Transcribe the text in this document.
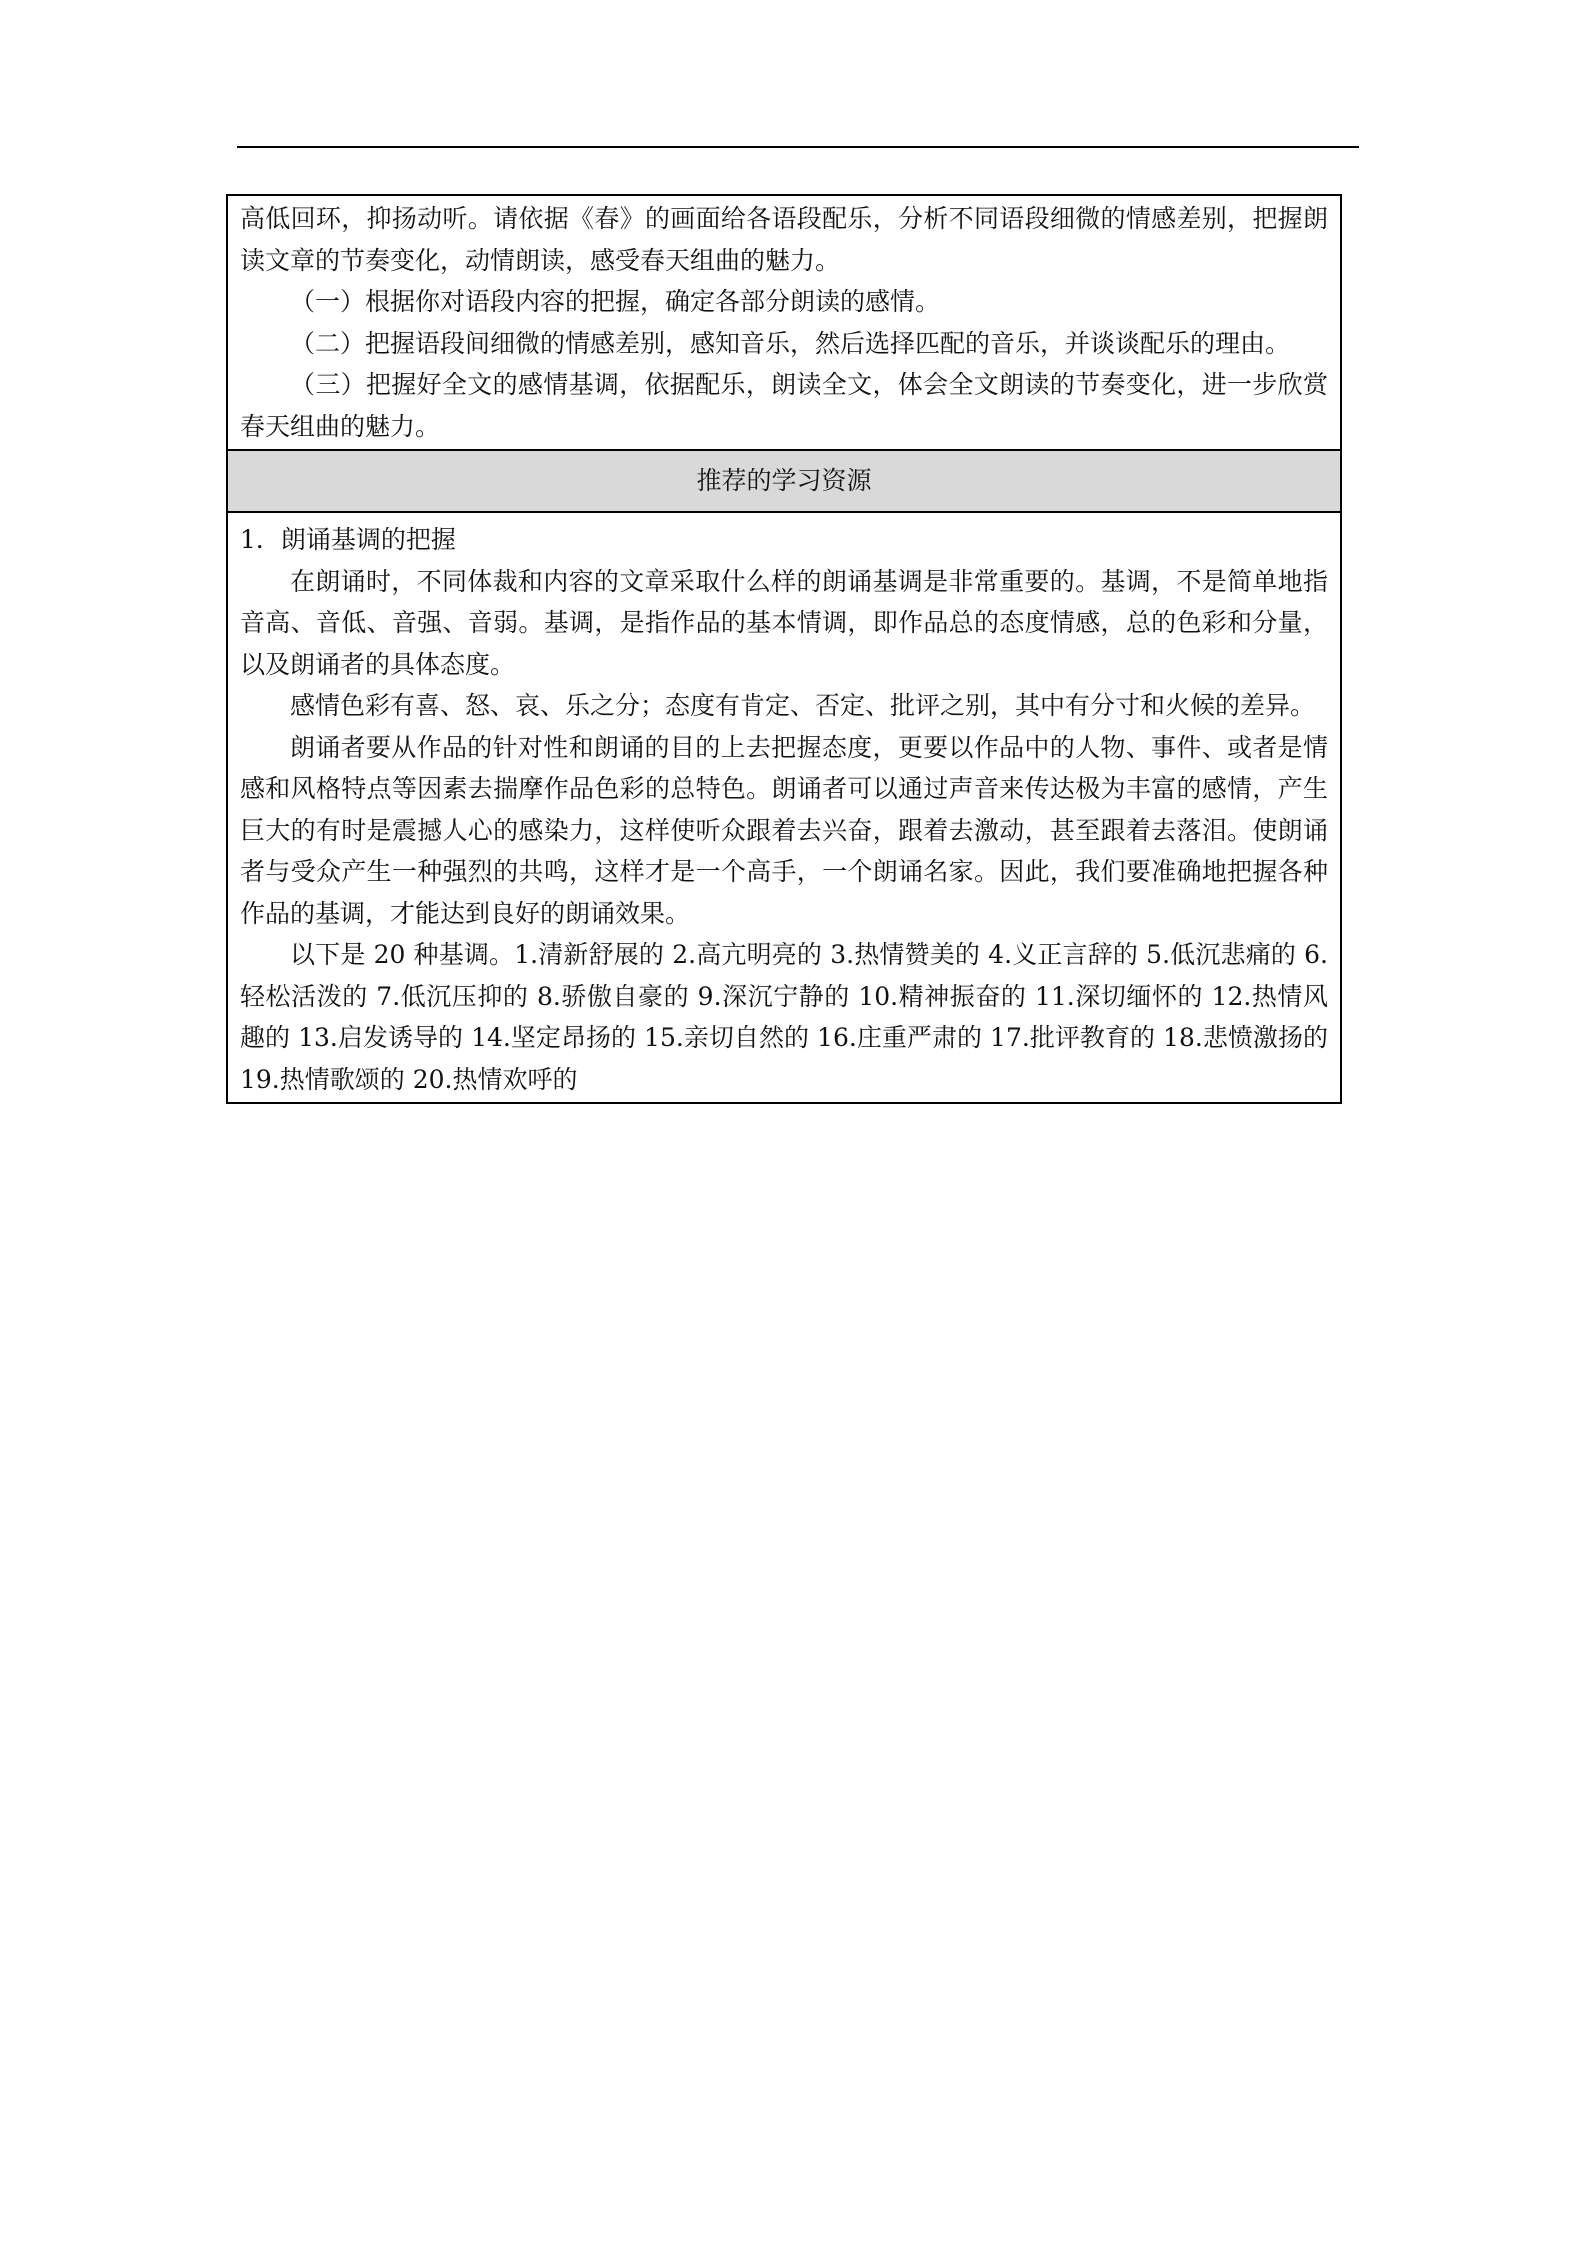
高低回环，抑扬动听。请依据《春》的画面给各语段配乐，分析不同语段细微的情感差别，把握朗读文章的节奏变化，动情朗读，感受春天组曲的魅力。

（一）根据你对语段内容的把握，确定各部分朗读的感情。

（二）把握语段间细微的情感差别，感知音乐，然后选择匹配的音乐，并谈谈配乐的理由。

（三）把握好全文的感情基调，依据配乐，朗读全文，体会全文朗读的节奏变化，进一步欣赏春天组曲的魅力。

推荐的学习资源

1．朗诵基调的把握

在朗诵时，不同体裁和内容的文章采取什么样的朗诵基调是非常重要的。基调，不是简单地指音高、音低、音强、音弱。基调，是指作品的基本情调，即作品总的态度情感，总的色彩和分量，以及朗诵者的具体态度。

感情色彩有喜、怒、哀、乐之分；态度有肯定、否定、批评之别，其中有分寸和火候的差异。

朗诵者要从作品的针对性和朗诵的目的上去把握态度，更要以作品中的人物、事件、或者是情感和风格特点等因素去揣摩作品色彩的总特色。朗诵者可以通过声音来传达极为丰富的感情，产生巨大的有时是震撼人心的感染力，这样使听众跟着去兴奋，跟着去激动，甚至跟着去落泪。使朗诵者与受众产生一种强烈的共鸣，这样才是一个高手，一个朗诵名家。因此，我们要准确地把握各种作品的基调，才能达到良好的朗诵效果。

以下是 20 种基调。1.清新舒展的 2.高亢明亮的 3.热情赞美的 4.义正言辞的 5.低沉悲痛的 6.轻松活泼的 7.低沉压抑的 8.骄傲自豪的 9.深沉宁静的 10.精神振奋的 11.深切缅怀的 12.热情风趣的 13.启发诱导的 14.坚定昂扬的 15.亲切自然的 16.庄重严肃的 17.批评教育的 18.悲愤激扬的 19.热情歌颂的 20.热情欢呼的
